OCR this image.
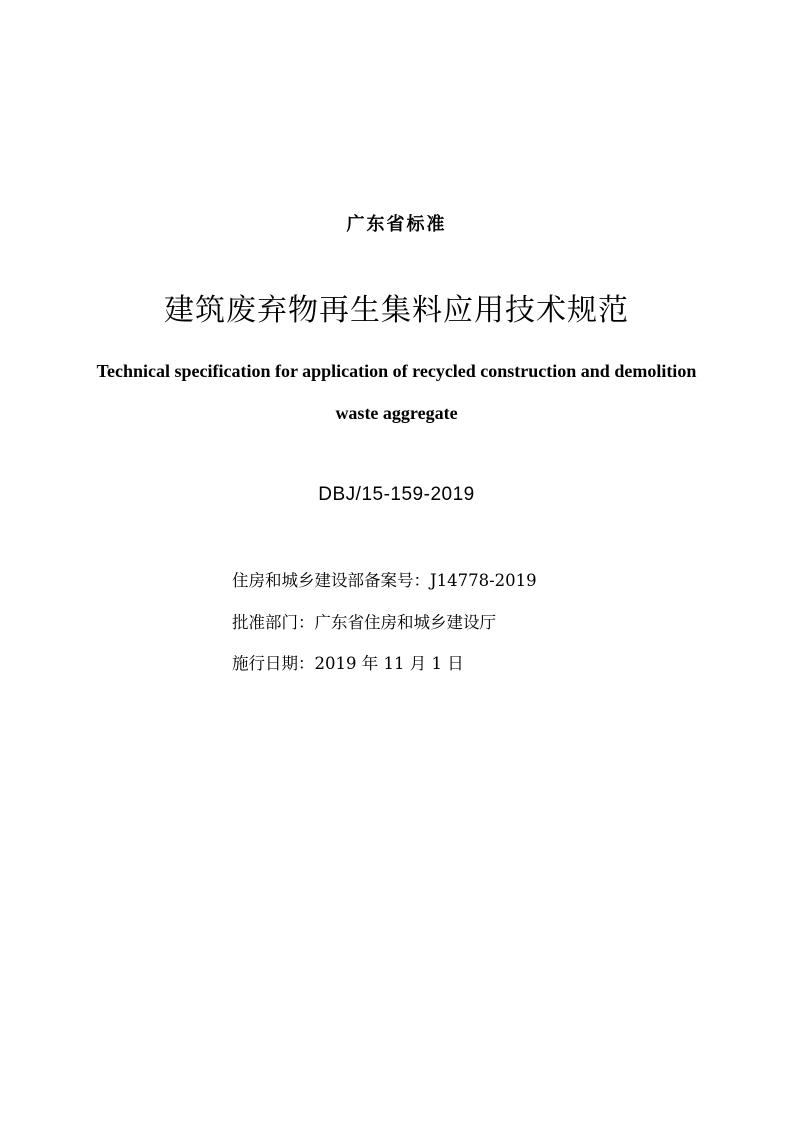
广东省标准
建筑废弃物再生集料应用技术规范
Technical specification for application of recycled construction and demolition
waste aggregate
DBJ/15-159-2019
住房和城乡建设部备案号：J14778-2019
批准部门：广东省住房和城乡建设厅
施行日期：2019 年 11 月 1 日
